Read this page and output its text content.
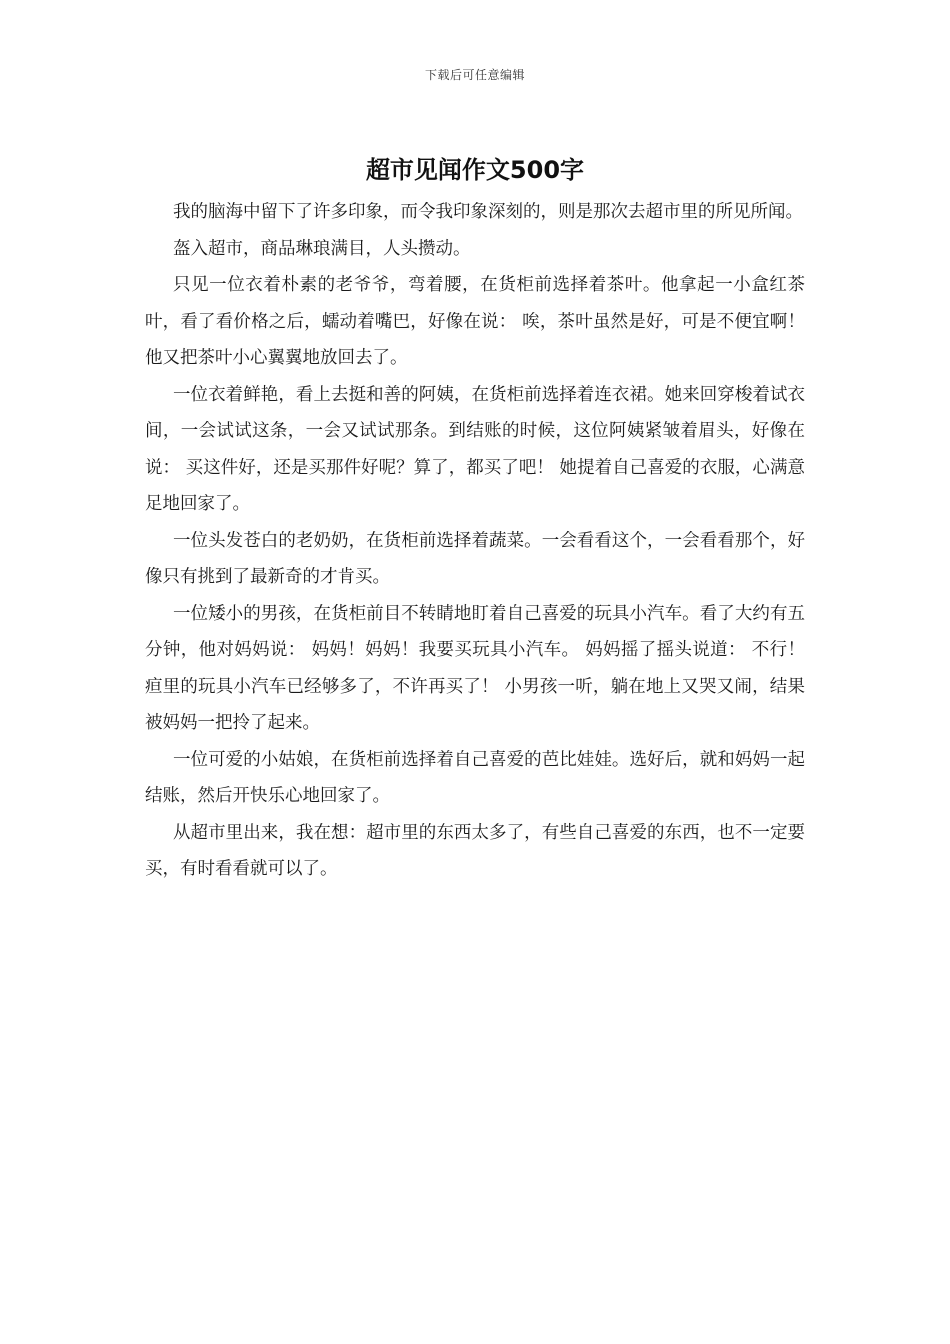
下载后可任意编辑
超市见闻作文500字

我的脑海中留下了许多印象，而令我印象深刻的，则是那次去超市里的所见所闻。

盔入超市，商品琳琅满目，人头攒动。

只见一位衣着朴素的老爷爷，弯着腰，在货柜前选择着茶叶。他拿起一小盒红茶叶，看了看价格之后，蠕动着嘴巴，好像在说： 唉，茶叶虽然是好，可是不便宜啊！ 他又把茶叶小心翼翼地放回去了。

一位衣着鲜艳，看上去挺和善的阿姨，在货柜前选择着连衣裙。她来回穿梭着试衣间，一会试试这条，一会又试试那条。到结账的时候，这位阿姨紧皱着眉头，好像在说： 买这件好，还是买那件好呢？算了，都买了吧！ 她提着自己喜爱的衣服，心满意足地回家了。

一位头发苍白的老奶奶，在货柜前选择着蔬菜。一会看看这个，一会看看那个，好像只有挑到了最新奇的才肯买。

一位矮小的男孩，在货柜前目不转睛地盯着自己喜爱的玩具小汽车。看了大约有五分钟，他对妈妈说： 妈妈！妈妈！我要买玩具小汽车。 妈妈摇了摇头说道： 不行！疸里的玩具小汽车已经够多了，不许再买了！ 小男孩一听，躺在地上又哭又闹，结果被妈妈一把拎了起来。

一位可爱的小姑娘，在货柜前选择着自己喜爱的芭比娃娃。选好后，就和妈妈一起结账，然后开快乐心地回家了。

从超市里出来，我在想：超市里的东西太多了，有些自己喜爱的东西，也不一定要买，有时看看就可以了。
